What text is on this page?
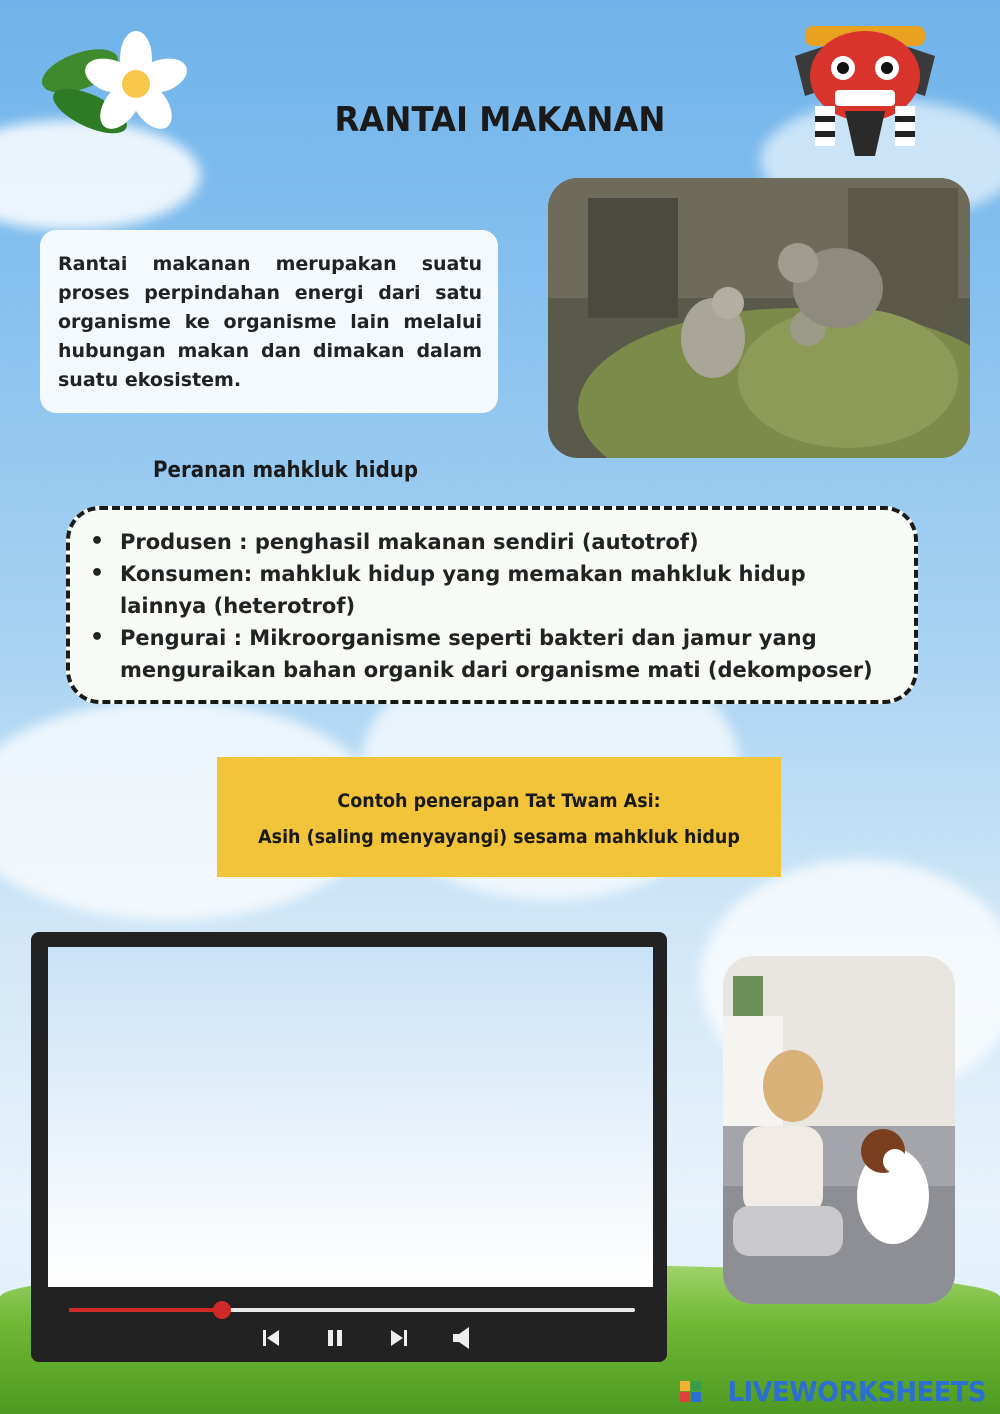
RANTAI MAKANAN

Rantai makanan merupakan suatu proses perpindahan energi dari satu organisme ke organisme lain melalui hubungan makan dan dimakan dalam suatu ekosistem.

Peranan mahkluk hidup
• Produsen : penghasil makanan sendiri (autotrof)
• Konsumen: mahkluk hidup yang memakan mahkluk hidup lainnya (heterotrof)
• Pengurai : Mikroorganisme seperti bakteri dan jamur yang menguraikan bahan organik dari organisme mati (dekomposer)
Contoh penerapan Tat Twam Asi:
Asih (saling menyayangi) sesama mahkluk hidup
LIVEWORKSHEETS
